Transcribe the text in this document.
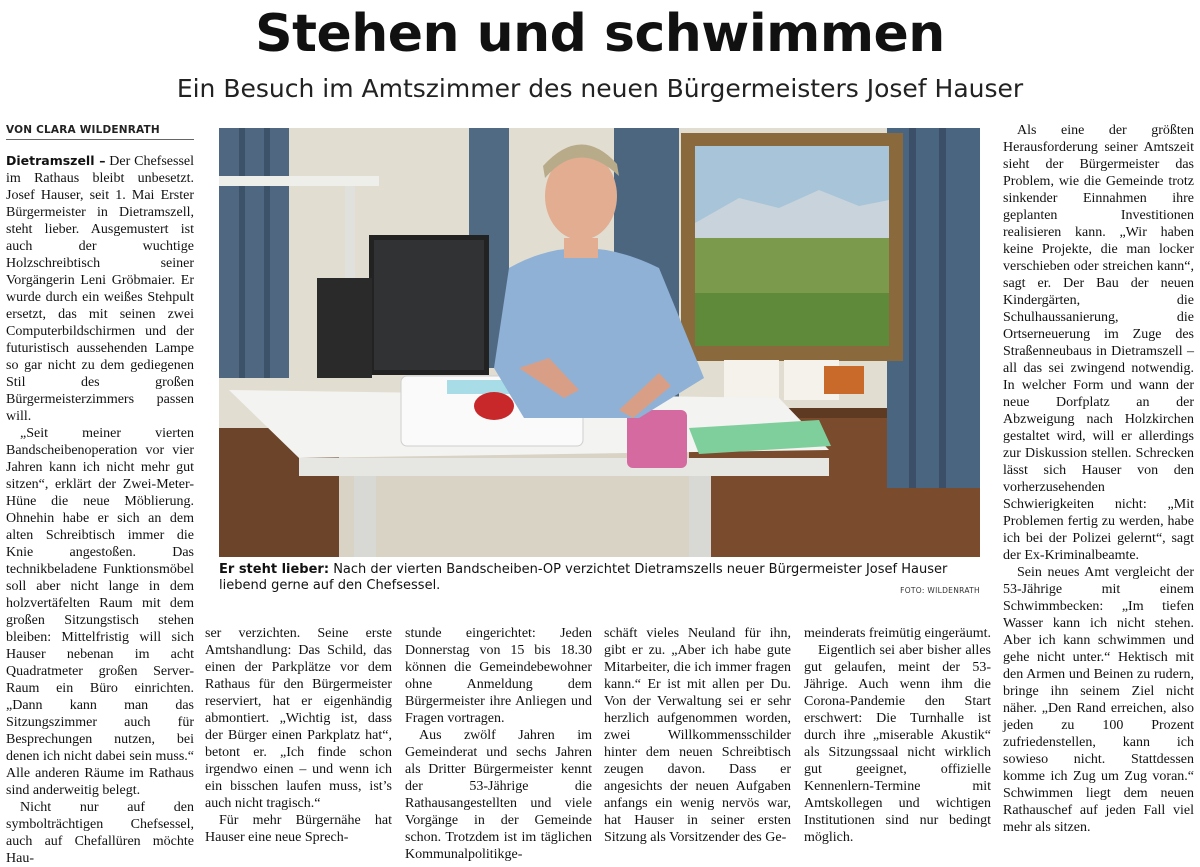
Stehen und schwimmen
Ein Besuch im Amtszimmer des neuen Bürgermeisters Josef Hauser
VON CLARA WILDENRATH

Dietramszell – Der Chefsessel im Rathaus bleibt unbesetzt. Josef Hauser, seit 1. Mai Erster Bürgermeister in Dietramszell, steht lieber. Ausgemustert ist auch der wuchtige Holzschreibtisch seiner Vorgängerin Leni Gröbmaier. Er wurde durch ein weißes Stehpult ersetzt, das mit seinen zwei Computerbildschirmen und der futuristisch aussehenden Lampe so gar nicht zu dem gediegenen Stil des großen Bürgermeisterzimmers passen will.

„Seit meiner vierten Bandscheibenoperation vor vier Jahren kann ich nicht mehr gut sitzen“, erklärt der Zwei-Meter-Hüne die neue Möblierung. Ohnehin habe er sich an dem alten Schreibtisch immer die Knie angestoßen. Das technikbeladene Funktionsmöbel soll aber nicht lange in dem holzvertäfelten Raum mit dem großen Sitzungstisch stehen bleiben: Mittelfristig will sich Hauser nebenan im acht Quadratmeter großen Server-Raum ein Büro einrichten. „Dann kann man das Sitzungszimmer auch für Besprechungen nutzen, bei denen ich nicht dabei sein muss.“ Alle anderen Räume im Rathaus sind anderweitig belegt.

Nicht nur auf den symbolträchtigen Chefsessel, auch auf Chefallüren möchte Hau-

Er steht lieber: Nach der vierten Bandscheiben-OP verzichtet Dietramszells neuer Bürgermeister Josef Hauser liebend gerne auf den Chefsessel.	FOTO: WILDENRATH

ser verzichten. Seine erste Amtshandlung: Das Schild, das einen der Parkplätze vor dem Rathaus für den Bürgermeister reserviert, hat er eigenhändig abmontiert. „Wichtig ist, dass der Bürger einen Parkplatz hat“, betont er. „Ich finde schon irgendwo einen – und wenn ich ein bisschen laufen muss, ist’s auch nicht tragisch.“

Für mehr Bürgernähe hat Hauser eine neue Sprech-

stunde eingerichtet: Jeden Donnerstag von 15 bis 18.30 können die Gemeindebewohner ohne Anmeldung dem Bürgermeister ihre Anliegen und Fragen vortragen.

Aus zwölf Jahren im Gemeinderat und sechs Jahren als Dritter Bürgermeister kennt der 53-Jährige die Rathausangestellten und viele Vorgänge in der Gemeinde schon. Trotzdem ist im täglichen Kommunalpolitikge-

schäft vieles Neuland für ihn, gibt er zu. „Aber ich habe gute Mitarbeiter, die ich immer fragen kann.“ Er ist mit allen per Du. Von der Verwaltung sei er sehr herzlich aufgenommen worden, zwei Willkommensschilder hinter dem neuen Schreibtisch zeugen davon. Dass er angesichts der neuen Aufgaben anfangs ein wenig nervös war, hat Hauser in seiner ersten Sitzung als Vorsitzender des Ge-

meinderats freimütig eingeräumt.

Eigentlich sei aber bisher alles gut gelaufen, meint der 53-Jährige. Auch wenn ihm die Corona-Pandemie den Start erschwert: Die Turnhalle ist durch ihre „miserable Akustik“ als Sitzungssaal nicht wirklich gut geeignet, offizielle Kennenlern-Termine mit Amtskollegen und wichtigen Institutionen sind nur bedingt möglich.

Als eine der größten Herausforderung seiner Amtszeit sieht der Bürgermeister das Problem, wie die Gemeinde trotz sinkender Einnahmen ihre geplanten Investitionen realisieren kann. „Wir haben keine Projekte, die man locker verschieben oder streichen kann“, sagt er. Der Bau der neuen Kindergärten, die Schulhaussanierung, die Ortserneuerung im Zuge des Straßenneubaus in Dietramszell – all das sei zwingend notwendig. In welcher Form und wann der neue Dorfplatz an der Abzweigung nach Holzkirchen gestaltet wird, will er allerdings zur Diskussion stellen. Schrecken lässt sich Hauser von den vorherzusehenden Schwierigkeiten nicht: „Mit Problemen fertig zu werden, habe ich bei der Polizei gelernt“, sagt der Ex-Kriminalbeamte.

Sein neues Amt vergleicht der 53-Jährige mit einem Schwimmbecken: „Im tiefen Wasser kann ich nicht stehen. Aber ich kann schwimmen und gehe nicht unter.“ Hektisch mit den Armen und Beinen zu rudern, bringe ihn seinem Ziel nicht näher. „Den Rand erreichen, also jeden zu 100 Prozent zufriedenstellen, kann ich sowieso nicht. Stattdessen komme ich Zug um Zug voran.“ Schwimmen liegt dem neuen Rathauschef auf jeden Fall viel mehr als sitzen.
